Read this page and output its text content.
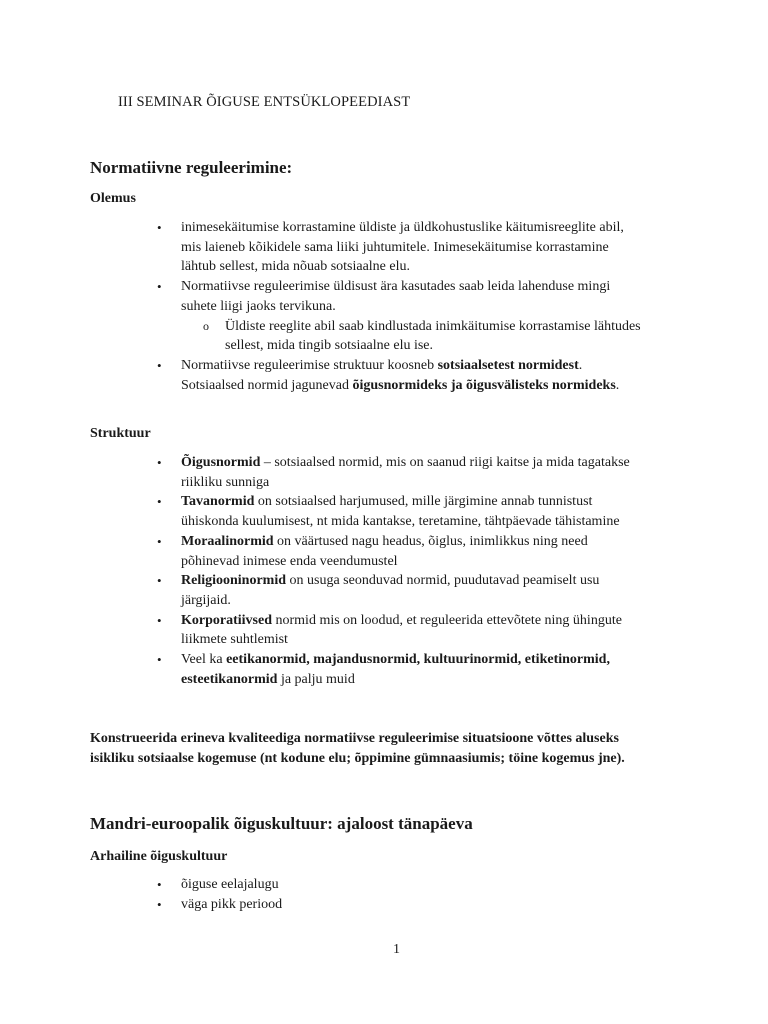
III SEMINAR ÕIGUSE ENTSÜKLOPEEDIAST
Normatiivne reguleerimine:
Olemus
• inimesekäitumise korrastamine üldiste ja üldkohustuslike käitumisreeglite abil,
mis laieneb kõikidele sama liiki juhtumitele. Inimesekäitumise korrastamine
lähtub sellest, mida nõuab sotsiaalne elu.
• Normatiivse reguleerimise üldisust ära kasutades saab leida lahenduse mingi
suhete liigi jaoks tervikuna.
o Üldiste reeglite abil saab kindlustada inimkäitumise korrastamise lähtudes
sellest, mida tingib sotsiaalne elu ise.
• Normatiivse reguleerimise struktuur koosneb sotsiaalsetest normidest.
Sotsiaalsed normid jagunevad õigusnormideks ja õigusvälisteks normideks.
Struktuur
• Õigusnormid – sotsiaalsed normid, mis on saanud riigi kaitse ja mida tagatakse
riikliku sunniga
• Tavanormid on sotsiaalsed harjumused, mille järgimine annab tunnistust
ühiskonda kuulumisest, nt mida kantakse, teretamine, tähtpäevade tähistamine
• Moraalinormid on väärtused nagu headus, õiglus, inimlikkus ning need
põhinevad inimese enda veendumustel
• Religiooninormid on usuga seonduvad normid, puudutavad peamiselt usu
järgijaid.
• Korporatiivsed normid mis on loodud, et reguleerida ettevõtete ning ühingute
liikmete suhtlemist
• Veel ka eetikanormid, majandusnormid, kultuurinormid, etiketinormid,
esteetikanormid ja palju muid
Konstrueerida erineva kvaliteediga normatiivse reguleerimise situatsioone võttes aluseks
isikliku sotsiaalse kogemuse (nt kodune elu; õppimine gümnaasiumis; töine kogemus jne).
Mandri-euroopalik õiguskultuur: ajaloost tänapäeva
Arhailine õiguskultuur
• õiguse eelajalugu
• väga pikk periood
1
